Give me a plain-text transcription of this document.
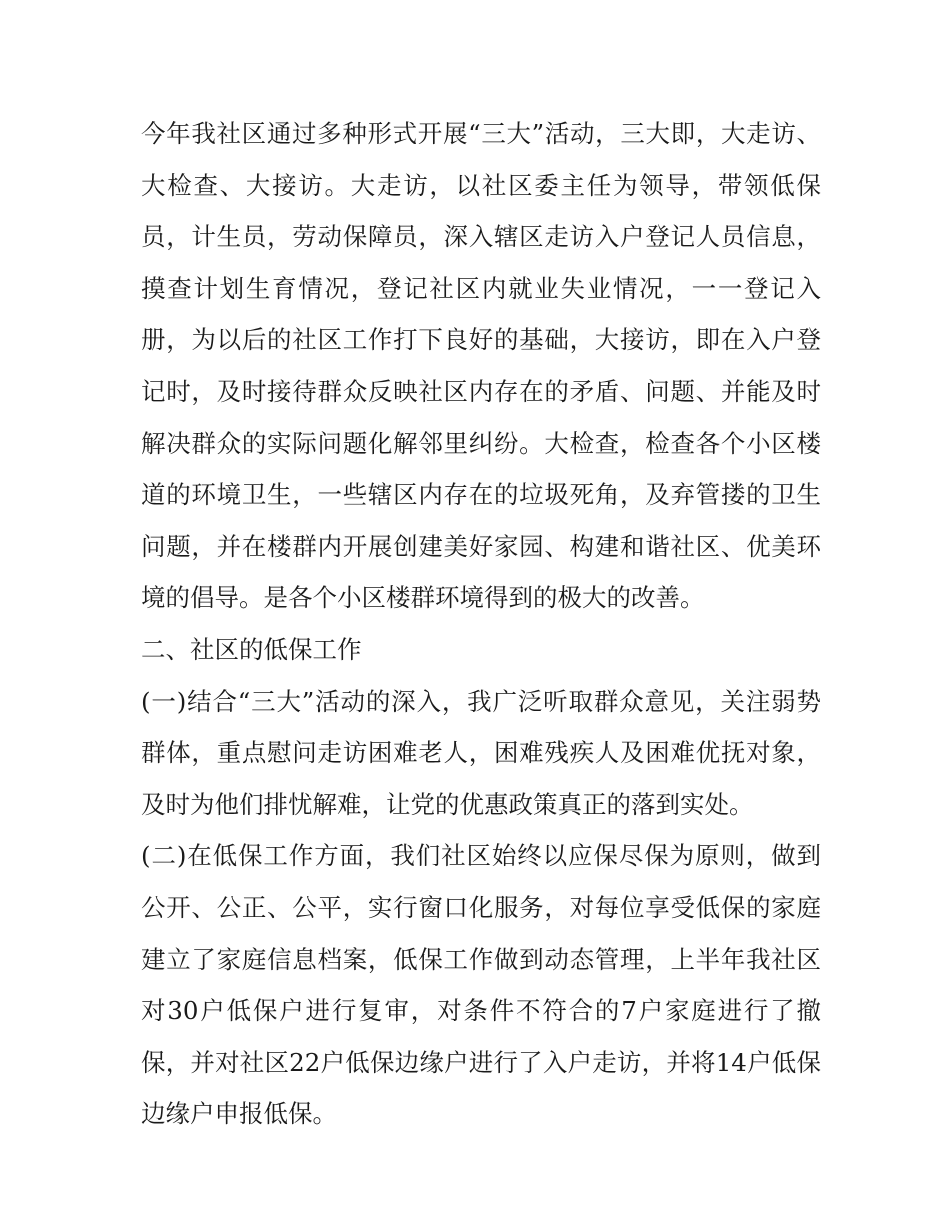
今年我社区通过多种形式开展“三大”活动，三大即，大走访、大检查、大接访。大走访，以社区委主任为领导，带领低保员，计生员，劳动保障员，深入辖区走访入户登记人员信息，摸查计划生育情况，登记社区内就业失业情况，一一登记入册，为以后的社区工作打下良好的基础，大接访，即在入户登记时，及时接待群众反映社区内存在的矛盾、问题、并能及时解决群众的实际问题化解邻里纠纷。大检查，检查各个小区楼道的环境卫生，一些辖区内存在的垃圾死角，及弃管搂的卫生问题，并在楼群内开展创建美好家园、构建和谐社区、优美环境的倡导。是各个小区楼群环境得到的极大的改善。

二、社区的低保工作

(一)结合“三大”活动的深入，我广泛听取群众意见，关注弱势群体，重点慰问走访困难老人，困难残疾人及困难优抚对象，及时为他们排忧解难，让党的优惠政策真正的落到实处。

(二)在低保工作方面，我们社区始终以应保尽保为原则，做到公开、公正、公平，实行窗口化服务，对每位享受低保的家庭建立了家庭信息档案，低保工作做到动态管理，上半年我社区对30户低保户进行复审，对条件不符合的7户家庭进行了撤保，并对社区22户低保边缘户进行了入户走访，并将14户低保边缘户申报低保。
